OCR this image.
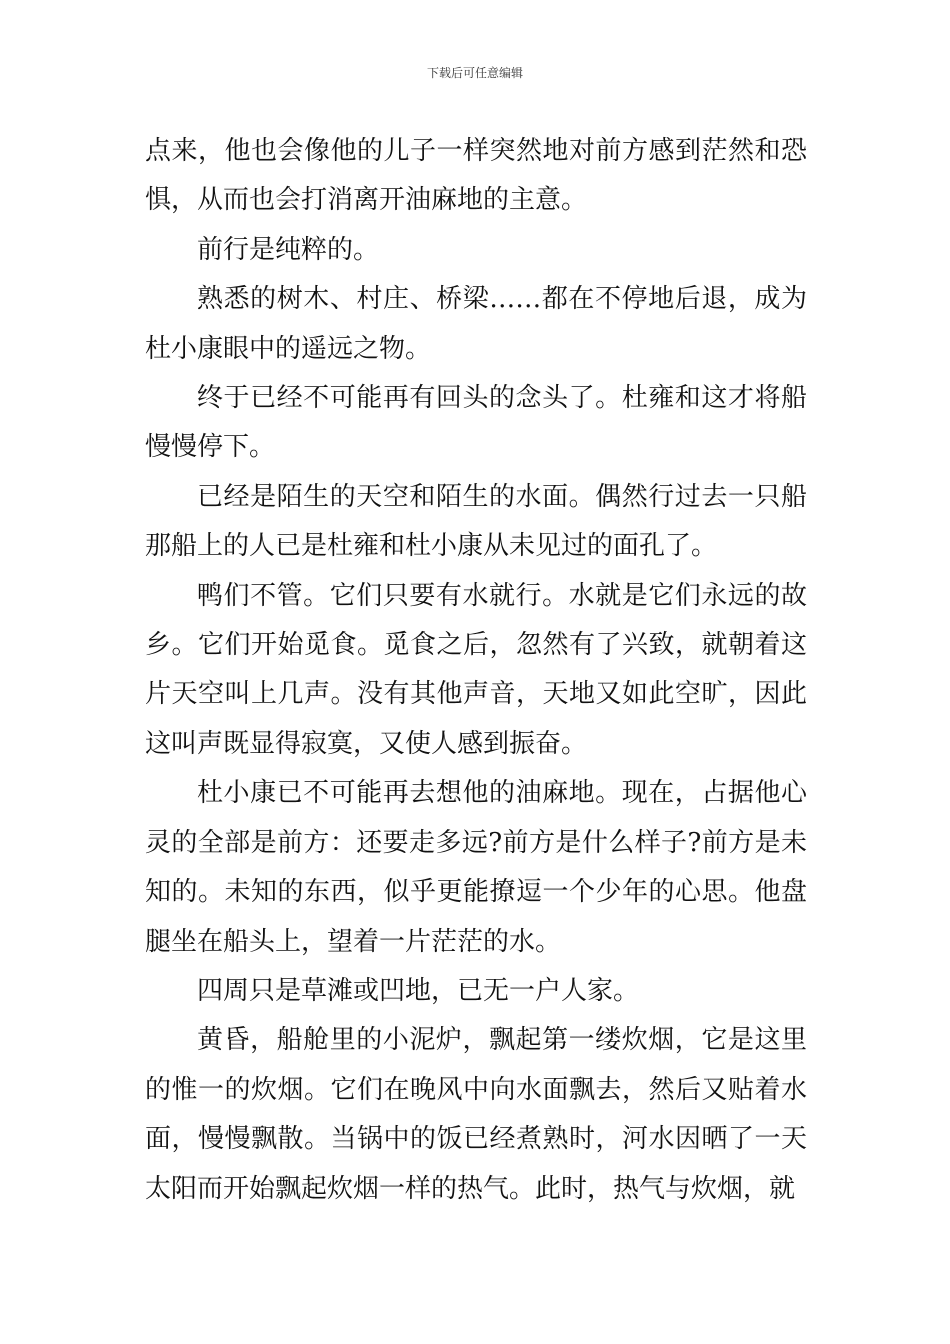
下载后可任意编辑

点来，他也会像他的儿子一样突然地对前方感到茫然和恐惧，从而也会打消离开油麻地的主意。

前行是纯粹的。

熟悉的树木、村庄、桥梁……都在不停地后退，成为杜小康眼中的遥远之物。

终于已经不可能再有回头的念头了。杜雍和这才将船慢慢停下。

已经是陌生的天空和陌生的水面。偶然行过去一只船那船上的人已是杜雍和杜小康从未见过的面孔了。

鸭们不管。它们只要有水就行。水就是它们永远的故乡。它们开始觅食。觅食之后，忽然有了兴致，就朝着这片天空叫上几声。没有其他声音，天地又如此空旷，因此这叫声既显得寂寞，又使人感到振奋。

杜小康已不可能再去想他的油麻地。现在，占据他心灵的全部是前方：还要走多远?前方是什么样子?前方是未知的。未知的东西，似乎更能撩逗一个少年的心思。他盘腿坐在船头上，望着一片茫茫的水。

四周只是草滩或凹地，已无一户人家。

黄昏，船舱里的小泥炉，飘起第一缕炊烟，它是这里的惟一的炊烟。它们在晚风中向水面飘去，然后又贴着水面，慢慢飘散。当锅中的饭已经煮熟时，河水因晒了一天太阳而开始飘起炊烟一样的热气。此时，热气与炊烟，就
